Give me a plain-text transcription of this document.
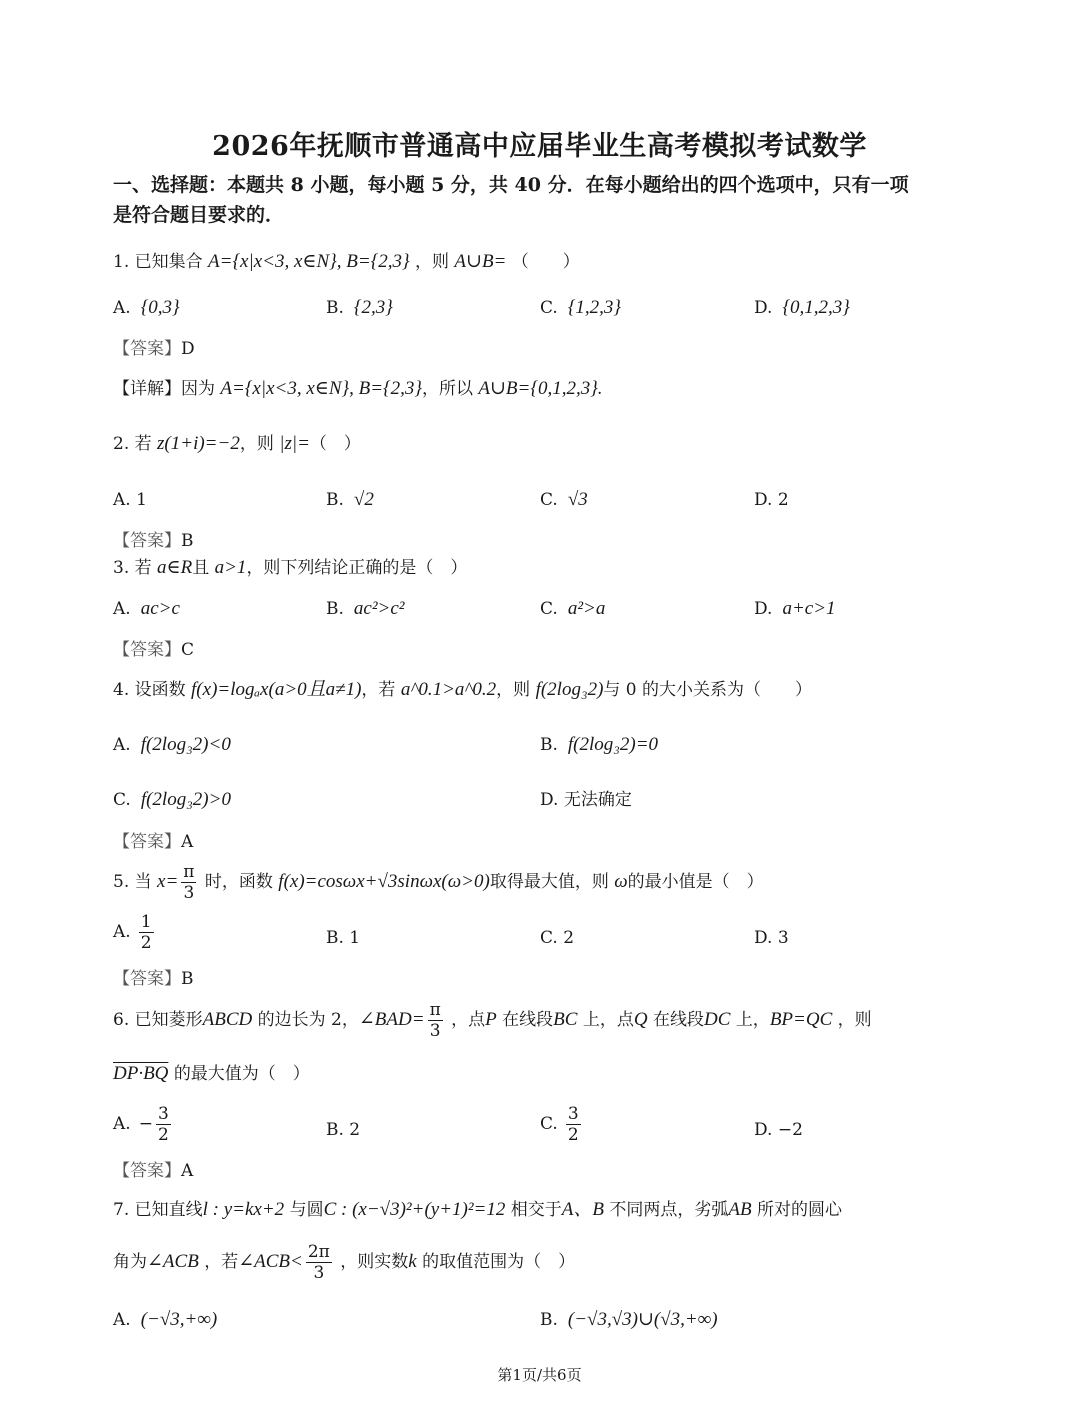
2026年抚顺市普通高中应届毕业生高考模拟考试数学
一、选择题：本题共 8 小题，每小题 5 分，共 40 分．在每小题给出的四个选项中，只有一项
是符合题目要求的．
1. 已知集合 A={x|x<3, x∈N}, B={2,3} ，则 A∪B= （　　）
A. {0,3}	B. {2,3}	C. {1,2,3}	D. {0,1,2,3}
【答案】D
【详解】因为 A={x|x<3, x∈N}, B={2,3}，所以 A∪B={0,1,2,3}.
2. 若 z(1+i)=−2，则 |z|=（　）
A. 1	B. √2	C. √3	D. 2
【答案】B
3. 若 a∈R且 a>1，则下列结论正确的是（　）
A. ac>c	B. ac²>c²	C. a²>a	D. a+c>1
【答案】C
4. 设函数 f(x)=logₐx(a>0且a≠1)，若 a^0.1>a^0.2，则 f(2log₃2)与 0 的大小关系为（　　）
A. f(2log₃2)<0	B. f(2log₃2)=0
C. f(2log₃2)>0	D. 无法确定
【答案】A
5. 当 $x= \frac{\pi}{3}$ 时，函数 f(x)=cosωx+√3sinωx(ω>0)取得最大值，则 ω的最小值是（　）
A. $\frac{1}{2}$	B. 1	C. 2	D. 3
【答案】B
6. 已知菱形ABCD 的边长为 2，∠BAD= $\frac{\pi}{3}$ ，点P 在线段BC 上，点Q 在线段DC 上，BP=QC ，则
DP·BQ 的最大值为（　）
A. − $\frac{3}{2}$	B. 2	C. $\frac{3}{2}$	D. −2
【答案】A
7. 已知直线l : y=kx+2 与圆C : (x−√3)²+(y+1)²=12 相交于A、B 不同两点，劣弧AB 所对的圆心
角为∠ACB ，若∠ACB< $\frac{2\pi}{3}$ ，则实数k 的取值范围为（　）
A. (−√3,+∞)	B. (−√3,√3)∪(√3,+∞)
第1页/共6页
